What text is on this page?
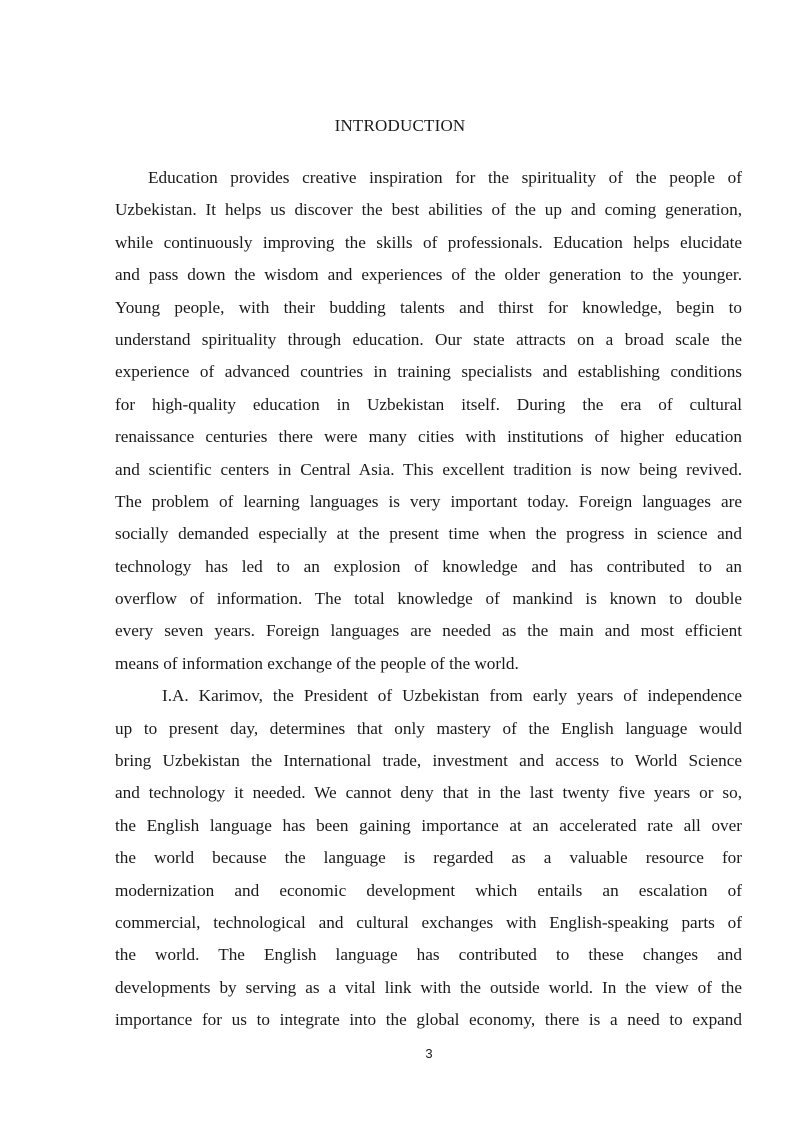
INTRODUCTION
Education provides creative inspiration for the spirituality of the people of
Uzbekistan. It helps us discover the best abilities of the up and coming generation,
while continuously improving the skills of professionals. Education helps elucidate
and pass down the wisdom and experiences of the older generation to the younger.
Young people, with their budding talents and thirst for knowledge, begin to
understand spirituality through education. Our state attracts on a broad scale the
experience of advanced countries in training specialists and establishing conditions
for high-quality education in Uzbekistan itself. During the era of cultural
renaissance centuries there were many cities with institutions of higher education
and scientific centers in Central Asia. This excellent tradition is now being revived.
The problem of learning languages is very important today. Foreign languages are
socially demanded especially at the present time when the progress in science and
technology has led to an explosion of knowledge and has contributed to an
overflow of information. The total knowledge of mankind is known to double
every seven years. Foreign languages are needed as the main and most efficient
means of information exchange of the people of the world.
I.A. Karimov, the President of Uzbekistan from early years of independence
up to present day, determines that only mastery of the English language would
bring Uzbekistan the International trade, investment and access to World Science
and technology it needed. We cannot deny that in the last twenty five years or so,
the English language has been gaining importance at an accelerated rate all over
the world because the language is regarded as a valuable resource for
modernization and economic development which entails an escalation of
commercial, technological and cultural exchanges with English-speaking parts of
the world. The English language has contributed to these changes and
developments by serving as a vital link with the outside world. In the view of the
importance for us to integrate into the global economy, there is a need to expand
3
